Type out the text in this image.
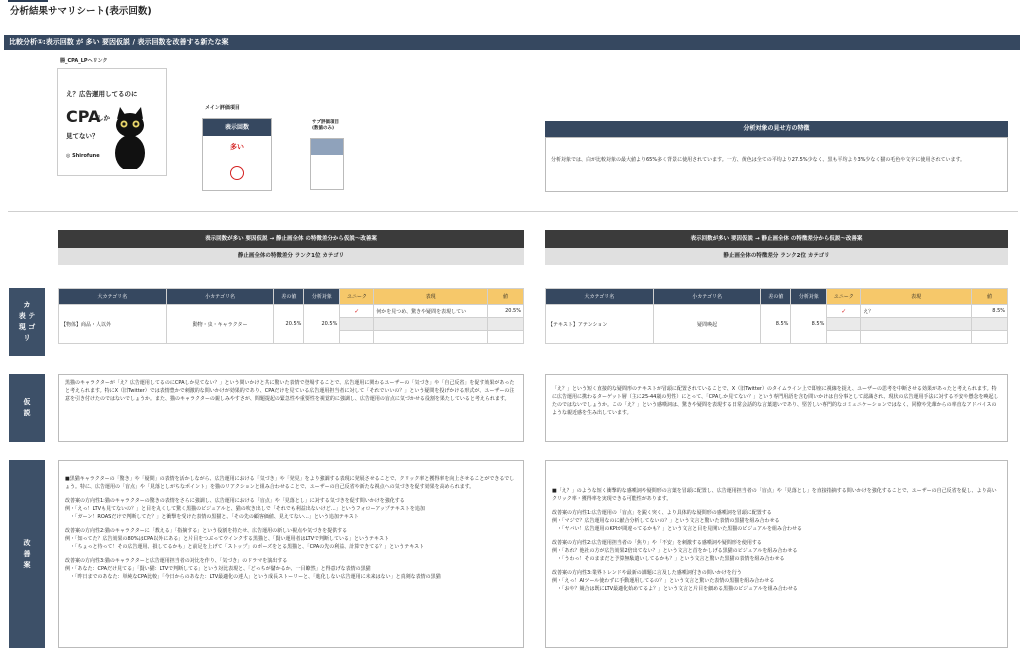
分析結果サマリシート(表示回数)
比較分析①:表示回数 が 多い 要因仮説 / 表示回数を改善する新たな案
腸_CPA_LPヘリンク
え？広告運用してるのに
CPA
しか
見てない？
◎ Shirofune
メイン評価項目
表示回数
多い
サブ評価項目
(数値のみ)	分析対象の見せ方の特徴
分析対象では、白が比較対象の最大値より65%多く背景に使用されています。一方、黄色は全ての平均より27.5%少なく、黒も平均より3%少なく猫の毛色や文字に使用されています。
カ
表 テ
現 ゴ
リ
仮
説
改
善
案
表示回数が多い 要因仮説 → 静止画全体 の特徴差分から仮説〜改善案
静止画全体の特徴差分 ランク1位 カテゴリ
大カテゴリ名	小カテゴリ名	差の値	分析対象	ユニーク	表現	値
【物体】商品・人以外	動物・虫・キャラクター	20.5%	20.5%	✓	何かを見つめ、驚きや疑問を表現してい	20.5%

黒猫のキャラクターが「え？広告運用してるのにCPAしか見てない？」という問いかけと共に驚いた表情で登場することで、広告運用に関わるユーザーの「気づき」や「自己反省」を促す効果があったと考えられます。特にX（旧Twitter）では表情豊かで刺激的な問いかけが効果的であり、CPAだけを見ている広告運用担当者に対して「それでいいの？」という疑問を投げかける形式が、ユーザーの注意を引き付けたのではないでしょうか。また、猫のキャラクターの親しみやすさが、問題提起の緊急性や重要性を視覚的に強調し、広告運用の盲点に気づかせる役割を果たしていると考えられます。
■黒猫キャラクターの「驚き」や「疑問」の表情を活かしながら、広告運用における「気づき」や「発見」をより強調する表現に発展させることで、クリック率と獲得率を向上させることができるでしょう。特に、広告運用の「盲点」や「見落としがちなポイント」を猫のリアクションと組み合わせることで、ユーザーの自己反省や新たな視点への気づきを促す効果を高められます。
改善案の方向性1:猫のキャラクターの驚きの表情をさらに強調し、広告運用における「盲点」や「見落とし」に対する気づきを促す問いかけを強化する
例・「えっ！LTVも見てないの？」と目を丸くして驚く黒猫のビジュアルと、猫の吹き出しで「それでも利益出ないけど…」というフォローアップテキストを追加
　・「ガーン！ROASだけで判断してた？」と衝撃を受けた表情の黒猫と、「その先の顧客価値、見えてない…」という追加テキスト
改善案の方向性2:猫のキャラクターに「教える」「指摘する」という役割を持たせ、広告運用の新しい視点や気づきを提供する
例・「知ってた？広告効果の80%はCPA以外にある」と片目をつぶってウインクする黒猫と、「賢い運用者はLTVで判断している」というテキスト
　・「ちょっと待って！その広告運用、損してるかも」と前足を上げて「ストップ」のポーズをとる黒猫と、「CPAの先の利益、計算できてる？」というテキスト
改善案の方向性3:猫のキャラクターと広告運用担当者の対比を作り、「気づき」のドラマを演出する
例・「あなた：CPAだけ見てる」「賢い猫：LTVで判断してる」という対比表現と、「どっちが儲かるか、一目瞭然」と得意げな表情の黒猫
　・「昨日までのあなた：単純なCPA比較」「今日からのあなた：LTV最適化の達人」という成長ストーリーと、「進化しない広告運用に未来はない」と真剣な表情の黒猫
表示回数が多い 要因仮説 → 静止画全体 の特徴差分から仮説〜改善案
静止画全体の特徴差分 ランク2位 カテゴリ
大カテゴリ名	小カテゴリ名	差の値	分析対象	ユニーク	表現	値
【テキスト】アテンション	疑問喚起	8.5%	8.5%	✓	え？	8.5%

「え？」という短く直接的な疑問形のテキストが冒頭に配置されていることで、X（旧Twitter）のタイムライン上で即座に視線を捉え、ユーザーの思考を中断させる効果があったと考えられます。特に広告運用に携わるターゲット層（主に25-44歳の男性）にとって、「CPAしか見てない？」という専門用語を含む問いかけは自分事として認識され、現状の広告運用手法に対する不安や懸念を喚起したのではないでしょうか。この「え？」という感嘆詞は、驚きや疑問を表現する日常会話的な言葉遣いであり、堅苦しい専門的なコミュニケーションではなく、同僚や先輩からの率直なアドバイスのような親近感を生み出しています。
■「え？」のような短く衝撃的な感嘆詞や疑問形の言葉を冒頭に配置し、広告運用担当者の「盲点」や「見落とし」を直接指摘する問いかけを強化することで、ユーザーの自己反省を促し、より高いクリック率・獲得率を実現できる可能性があります。
改善案の方向性1:広告運用の「盲点」を鋭く突く、より具体的な疑問形の感嘆詞を冒頭に配置する
例・「マジで？広告運用なのに献合分析してないの？」という文言と驚いた表情の黒猫を組み合わせる
　・「ヤバい！広告運用のKPIが間違ってるかも？」という文言と目を見開いた黒猫のビジュアルを組み合わせる
改善案の方向性2:広告運用担当者の「焦り」や「不安」を刺激する感嘆詞や疑問形を使用する
例・「あれ？他社の方が広告効果2倍出てない？」という文言と首をかしげる黒猫のビジュアルを組み合わせる
　・「うわっ！そのままだと予算無駄遣いしてるかも？」という文言と驚いた黒猫の表情を組み合わせる
改善案の方向性3:業界トレンドや最新の課題に言及した感嘆詞付きの問いかけを行う
例・「えっ！AIツール使わずに手動運用してるの？」という文言と驚いた表情の黒猫を組み合わせる
　・「おや？競合は既にLTV最適化始めてるよ？」という文言と片目を細める黒猫のビジュアルを組み合わせる
